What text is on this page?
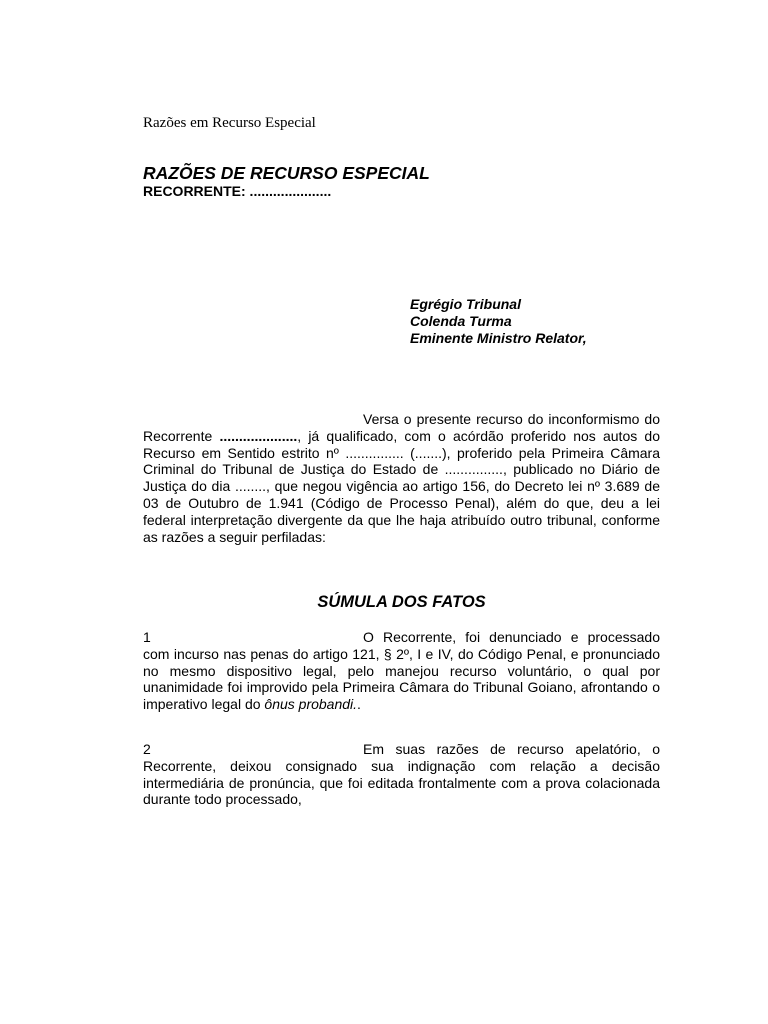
Razões em Recurso Especial
RAZÕES DE RECURSO ESPECIAL
RECORRENTE: .....................
Egrégio Tribunal
Colenda Turma
Eminente Ministro Relator,
Versa o presente recurso do inconformismo do Recorrente ...................., já qualificado, com o acórdão proferido nos autos do Recurso em Sentido estrito nº ............... (.......), proferido pela Primeira Câmara Criminal do Tribunal de Justiça do Estado de ..............., publicado no Diário de Justiça do dia ........, que negou vigência ao artigo 156, do Decreto lei nº 3.689 de 03 de Outubro de 1.941 (Código de Processo Penal), além do que, deu a lei federal interpretação divergente da que lhe haja atribuído outro tribunal, conforme as razões a seguir perfiladas:
SÚMULA DOS FATOS
1	O Recorrente, foi denunciado e processado com incurso nas penas do artigo 121, § 2º, I e IV, do Código Penal, e pronunciado no mesmo dispositivo legal, pelo manejou recurso voluntário, o qual por unanimidade foi improvido pela Primeira Câmara do Tribunal Goiano, afrontando o imperativo legal do ônus probandi..
2	Em suas razões de recurso apelatório, o Recorrente, deixou consignado sua indignação com relação a decisão intermediária de pronúncia, que foi editada frontalmente com a prova colacionada durante todo processado,
